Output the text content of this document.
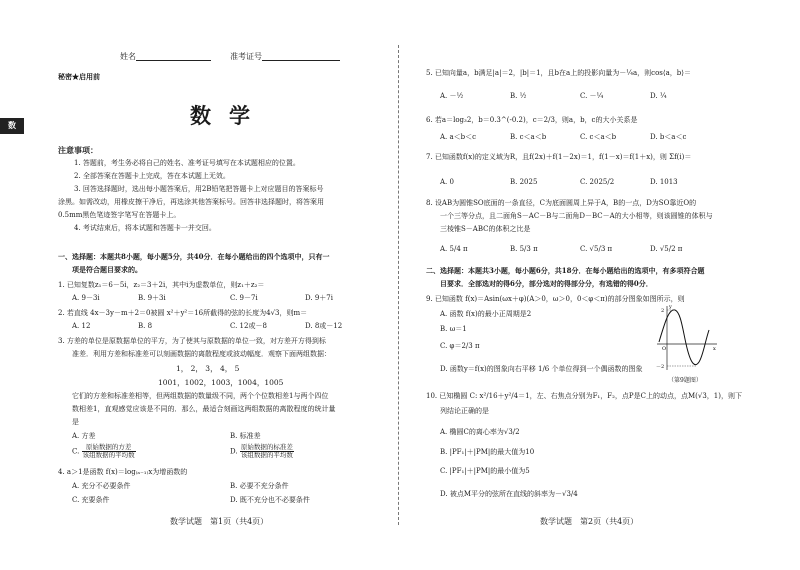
数
姓名	准考证号
秘密★启用前
数学
注意事项：
1. 答题前，考生务必将自己的姓名、准考证号填写在本试题相应的位置。
2. 全部答案在答题卡上完成，答在本试题上无效。
3. 回答选择题时，选出每小题答案后，用2B铅笔把答题卡上对应题目的答案标号
涂黑。如需改动，用橡皮擦干净后，再选涂其他答案标号。回答非选择题时，将答案用
0.5mm黑色笔迹签字笔写在答题卡上。
4. 考试结束后，将本试题和答题卡一并交回。
一、选择题：本题共8小题，每小题5分，共40分．在每小题给出的四个选项中，只有一
项是符合题目要求的。
1. 已知复数z₁＝6－5i，z₂＝3＋2i，其中i为虚数单位，则z₁＋z₂＝
A. 9－3i	B. 9＋3i	C. 9－7i	D. 9＋7i
2. 若直线 4x－3y－m＋2＝0被圆 x²＋y²＝16所截得的弦的长度为4√3，则m＝
A. 12	B. 8	C. 12或－8	D. 8或－12
3. 方差的单位是原数据单位的平方，为了使其与原数据的单位一致，对方差开方得到标
准差．利用方差和标准差可以刻画数据的离散程度或波动幅度．观察下面两组数据：
1， 2， 3， 4， 5
1001，1002，1003，1004，1005
它们的方差和标准差相等，但两组数据的数量级不同，两个个位数相差1与两个四位
数相差1，直观感觉应该是不同的．那么，最适合刻画这两组数据的离散程度的统计量
是
A. 方差	B. 标准差
C. $\frac{\text{原始数据的方差}}{\text{该组数据的平均数}}$	D. $\frac{\text{原始数据的标准差}}{\text{该组数据的平均数}}$
4. a＞1是函数 f(x)＝log₍ₐ₋₁₎x为增函数的
A. 充分不必要条件	B. 必要不充分条件
C. 充要条件	D. 既不充分也不必要条件
数学试题　第1页（共4页）
5. 已知向量a，b满足|a|＝2，|b|＝1，且b在a上的投影向量为－¼a，则cos⟨a，b⟩＝
A. －½	B. ½	C. －¼	D. ¼
6. 若a＝log₃2，b＝0.3^(-0.2)，c＝2/3，则a，b，c的大小关系是
A. a＜b＜c	B. c＜a＜b	C. c＜a＜b	D. b＜a＜c
7. 已知函数f(x)的定义域为R，且f(2x)＋f(1－2x)＝1，f(1－x)＝f(1＋x)，则 Σf(i)＝
A. 0	B. 2025	C. 2025/2	D. 1013
8. 设AB为圆锥SO底面的一条直径，C为底面圆周上异于A，B的一点，D为SO靠近O的
一个三等分点，且二面角S－AC－B与二面角D－BC－A的大小相等，则该圆锥的体积与
三棱锥S－ABC的体积之比是
A. 5/4 π	B. 5/3 π	C. √5/3 π	D. √5/2 π
二、选择题：本题共3小题，每小题6分，共18分．在每小题给出的选项中，有多项符合题
目要求．全部选对的得6分，部分选对的得部分分，有选错的得0分．
9. 已知函数 f(x)＝Asin(ωx＋φ)(A＞0，ω＞0，0＜φ＜π)的部分图象如图所示，则
A. 函数 f(x)的最小正周期是2
B. ω＝1
C. φ＝2/3 π
D. 函数y＝f(x)的图象向右平移 1/6 个单位得到一个偶函数的图象
2
－2
O
y
x
（第9题图）
10. 已知椭圆 C: x²/16＋y²/4＝1，左、右焦点分别为F₁，F₂，点P是C上的动点，点M(√3，1)，则下
列结论正确的是
A. 椭圆C的离心率为√3/2
B. |PF₁|＋|PM|的最大值为10
C. |PF₁|＋|PM|的最小值为5
D. 被点M平分的弦所在直线的斜率为－√3/4
数学试题　第2页（共4页）
